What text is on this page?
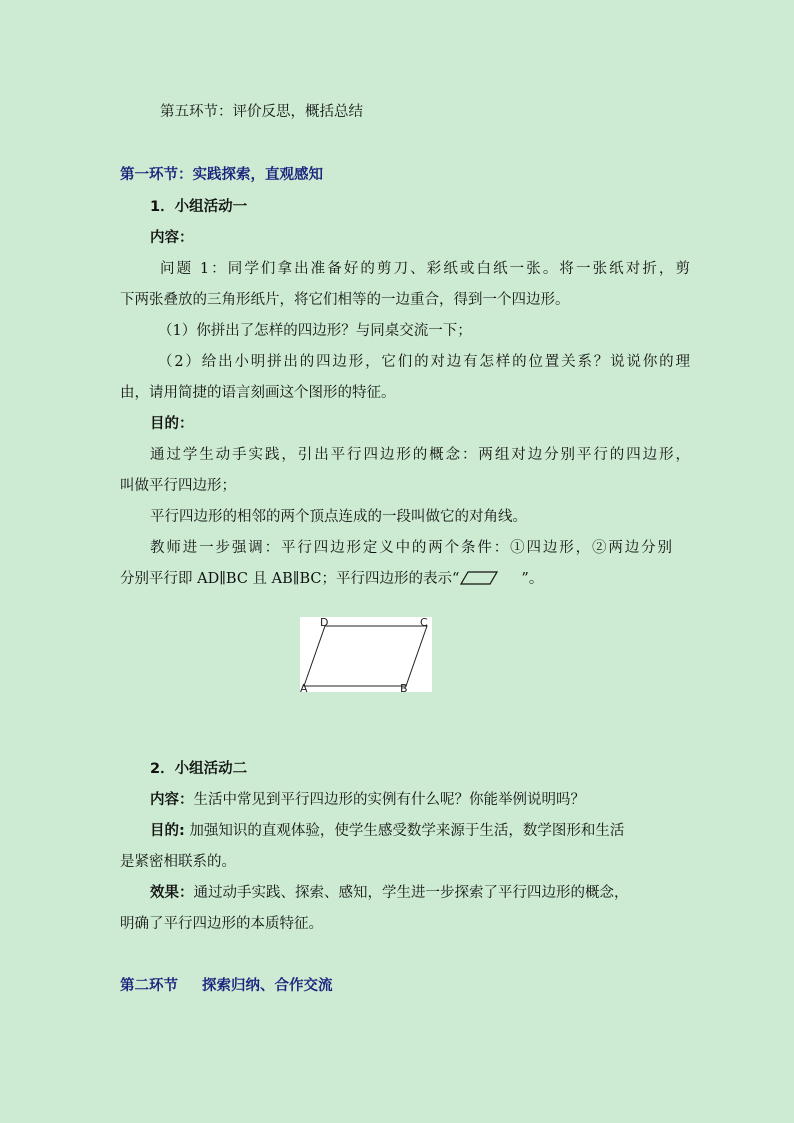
第五环节：评价反思，概括总结
第一环节：实践探索，直观感知
1．小组活动一
内容：
问题 1：同学们拿出准备好的剪刀、彩纸或白纸一张。将一张纸对折，剪
下两张叠放的三角形纸片，将它们相等的一边重合，得到一个四边形。
（1）你拼出了怎样的四边形？与同桌交流一下；
（2）给出小明拼出的四边形，它们的对边有怎样的位置关系？说说你的理
由，请用简捷的语言刻画这个图形的特征。
目的：
通过学生动手实践，引出平行四边形的概念：两组对边分别平行的四边形，
叫做平行四边形；
平行四边形的相邻的两个顶点连成的一段叫做它的对角线。
教师进一步强调：平行四边形定义中的两个条件：①四边形，②两边分别
分别平行即 AD∥BC 且 AB∥BC；平行四边形的表示“	”。
D	C
A	B
2．小组活动二
内容：生活中常见到平行四边形的实例有什么呢？你能举例说明吗？
目的: 加强知识的直观体验，使学生感受数学来源于生活，数学图形和生活
是紧密相联系的。
效果：通过动手实践、探索、感知，学生进一步探索了平行四边形的概念，
明确了平行四边形的本质特征。
第二环节 探索归纳、合作交流
